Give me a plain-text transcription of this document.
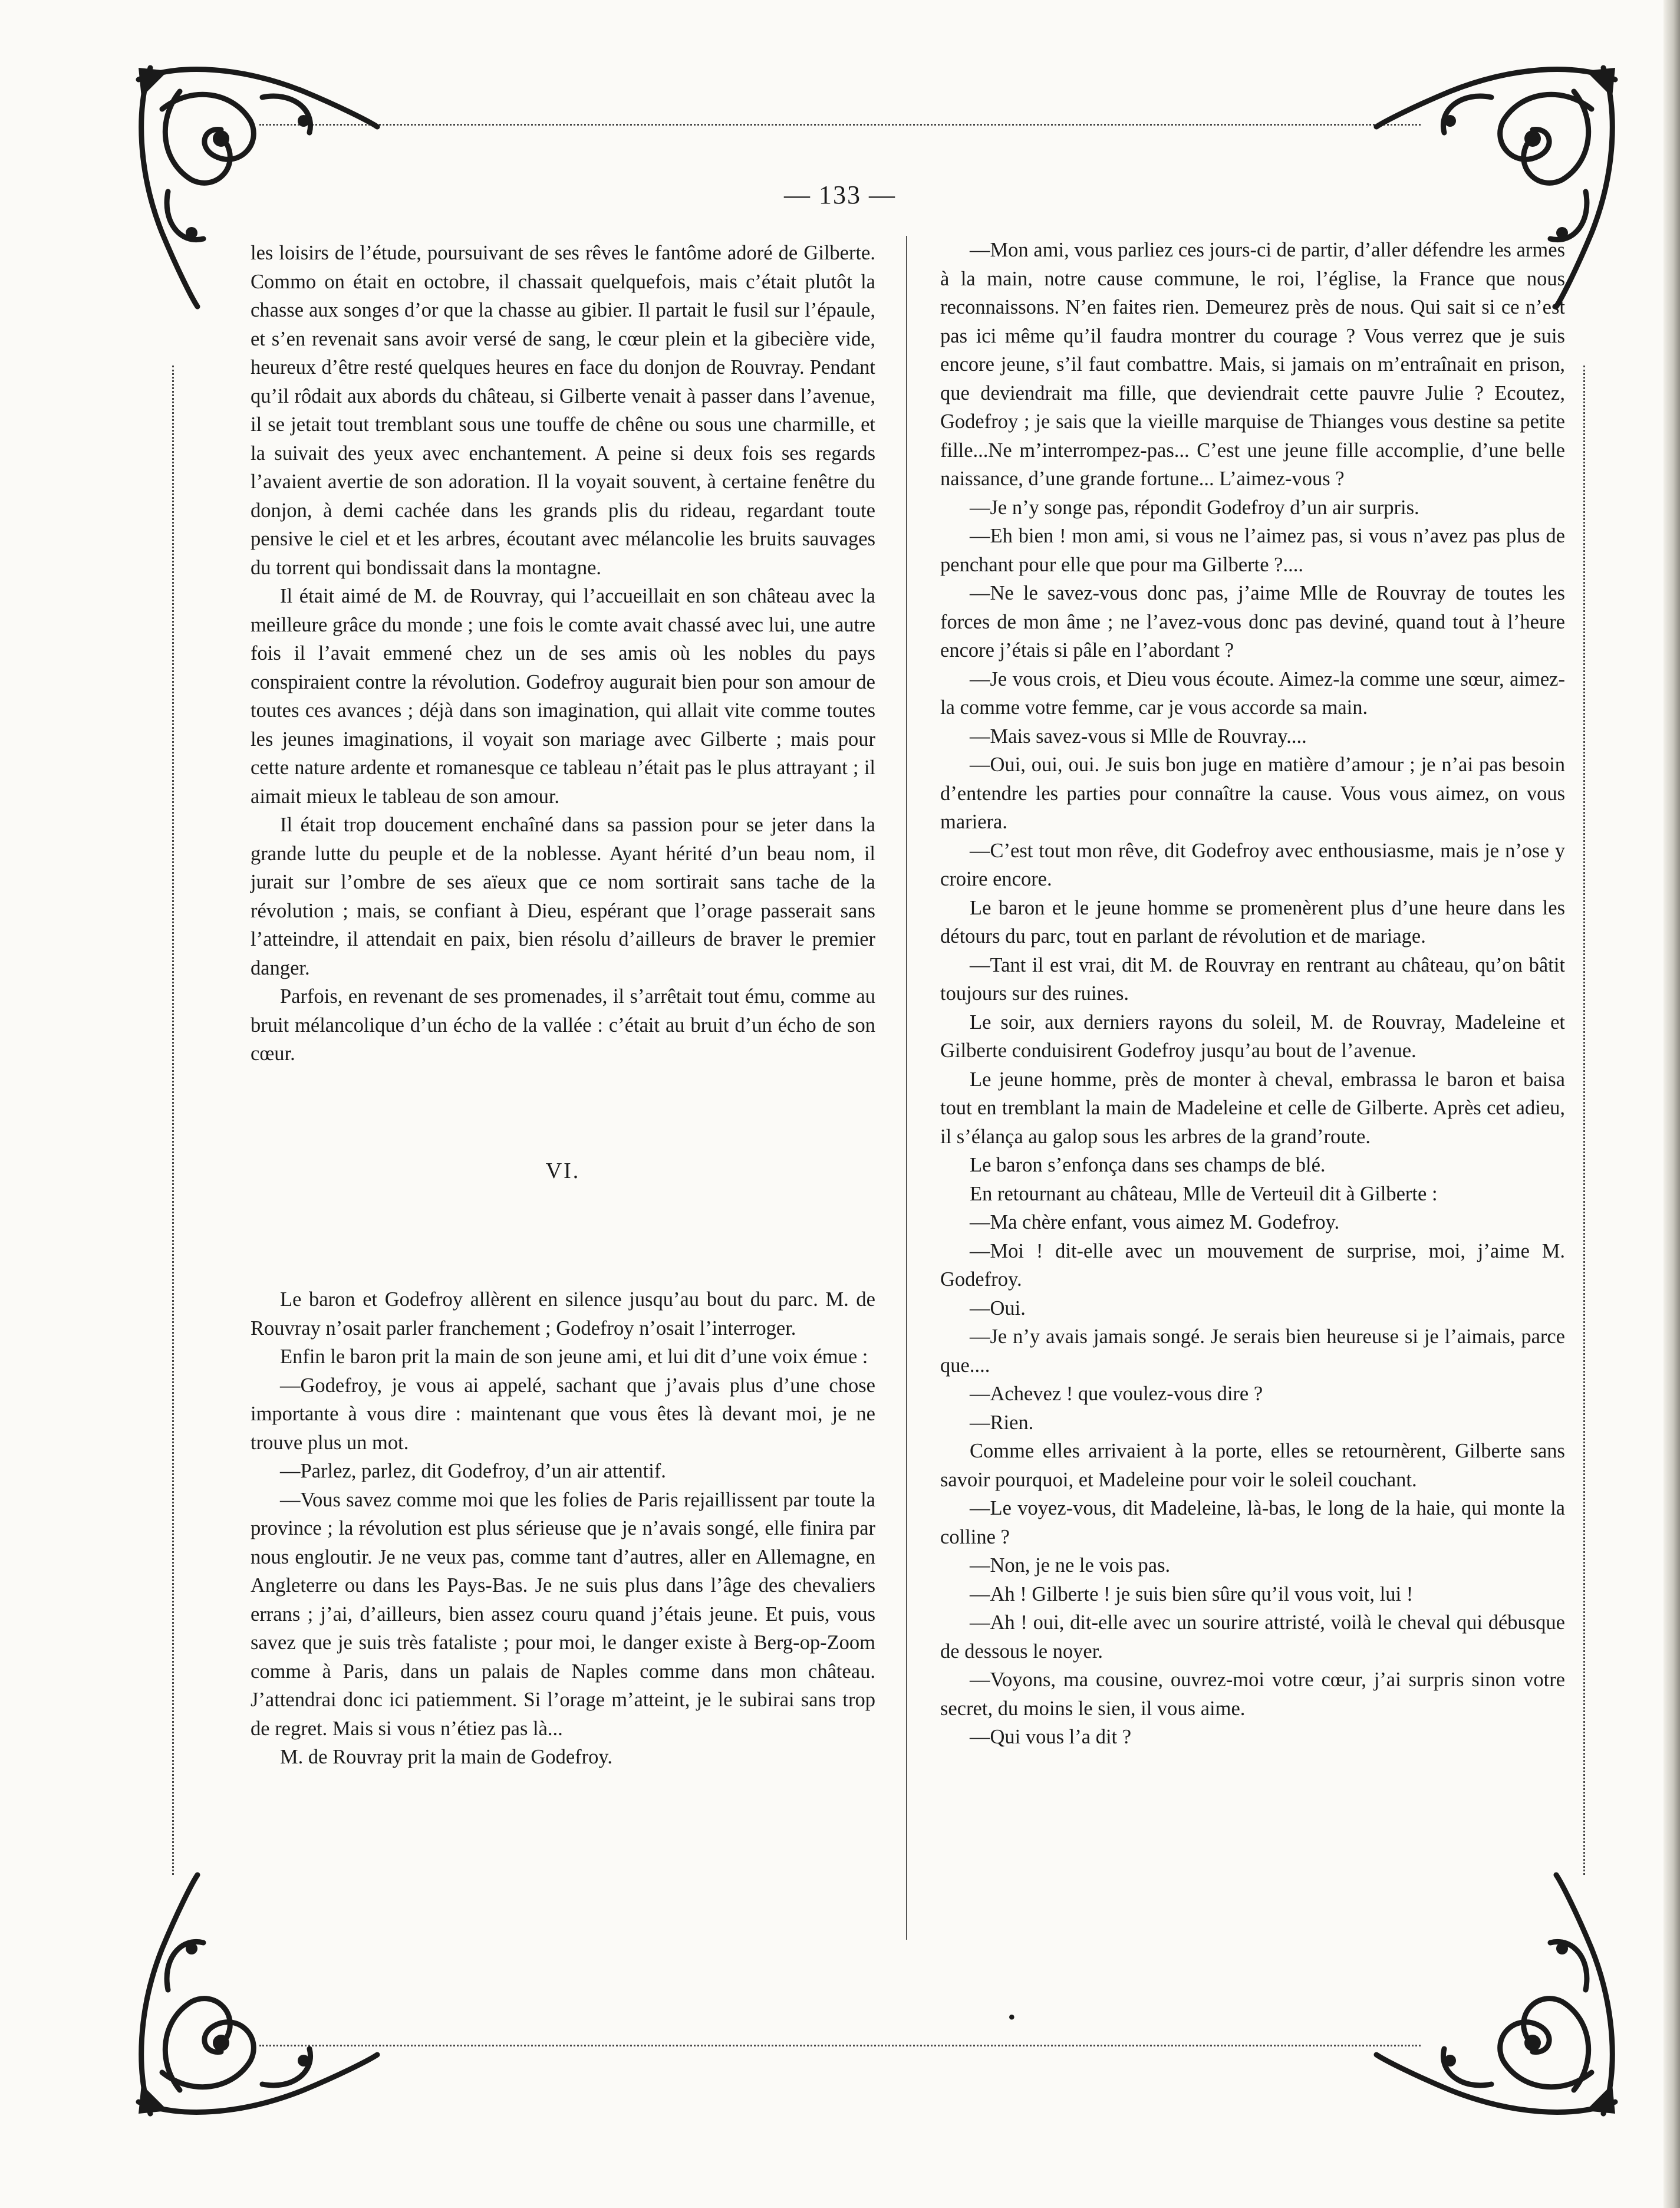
— 133 —

les loisirs de l’étude, poursuivant de ses rêves le fantôme adoré de Gilberte. Commo on était en octobre, il chassait quelquefois, mais c’était plutôt la chasse aux songes d’or que la chasse au gibier. Il partait le fusil sur l’épaule, et s’en revenait sans avoir versé de sang, le cœur plein et la gibecière vide, heureux d’être resté quelques heures en face du donjon de Rouvray. Pendant qu’il rôdait aux abords du château, si Gilberte venait à passer dans l’avenue, il se jetait tout tremblant sous une touffe de chêne ou sous une charmille, et la suivait des yeux avec enchantement. A peine si deux fois ses regards l’avaient avertie de son adoration. Il la voyait souvent, à certaine fenêtre du donjon, à demi cachée dans les grands plis du rideau, regardant toute pensive le ciel et et les arbres, écoutant avec mélancolie les bruits sauvages du torrent qui bondissait dans la montagne.

Il était aimé de M. de Rouvray, qui l’accueillait en son château avec la meilleure grâce du monde ; une fois le comte avait chassé avec lui, une autre fois il l’avait emmené chez un de ses amis où les nobles du pays conspiraient contre la révolution. Godefroy augurait bien pour son amour de toutes ces avances ; déjà dans son imagination, qui allait vite comme toutes les jeunes imaginations, il voyait son mariage avec Gilberte ; mais pour cette nature ardente et romanesque ce tableau n’était pas le plus attrayant ; il aimait mieux le tableau de son amour.

Il était trop doucement enchaîné dans sa passion pour se jeter dans la grande lutte du peuple et de la noblesse. Ayant hérité d’un beau nom, il jurait sur l’ombre de ses aïeux que ce nom sortirait sans tache de la révolution ; mais, se confiant à Dieu, espérant que l’orage passerait sans l’atteindre, il attendait en paix, bien résolu d’ailleurs de braver le premier danger.

Parfois, en revenant de ses promenades, il s’arrêtait tout ému, comme au bruit mélancolique d’un écho de la vallée : c’était au bruit d’un écho de son cœur.

VI.

Le baron et Godefroy allèrent en silence jusqu’au bout du parc. M. de Rouvray n’osait parler franchement ; Godefroy n’osait l’interroger.

Enfin le baron prit la main de son jeune ami, et lui dit d’une voix émue :

—Godefroy, je vous ai appelé, sachant que j’avais plus d’une chose importante à vous dire : maintenant que vous êtes là devant moi, je ne trouve plus un mot.

—Parlez, parlez, dit Godefroy, d’un air attentif.

—Vous savez comme moi que les folies de Paris rejaillissent par toute la province ; la révolution est plus sérieuse que je n’avais songé, elle finira par nous engloutir. Je ne veux pas, comme tant d’autres, aller en Allemagne, en Angleterre ou dans les Pays-Bas. Je ne suis plus dans l’âge des chevaliers errans ; j’ai, d’ailleurs, bien assez couru quand j’étais jeune. Et puis, vous savez que je suis très fataliste ; pour moi, le danger existe à Berg-op-Zoom comme à Paris, dans un palais de Naples comme dans mon château. J’attendrai donc ici patiemment. Si l’orage m’atteint, je le subirai sans trop de regret. Mais si vous n’étiez pas là...

M. de Rouvray prit la main de Godefroy.

—Mon ami, vous parliez ces jours-ci de partir, d’aller défendre les armes à la main, notre cause commune, le roi, l’église, la France que nous reconnaissons. N’en faites rien. Demeurez près de nous. Qui sait si ce n’est pas ici même qu’il faudra montrer du courage ? Vous verrez que je suis encore jeune, s’il faut combattre. Mais, si jamais on m’entraînait en prison, que deviendrait ma fille, que deviendrait cette pauvre Julie ? Ecoutez, Godefroy ; je sais que la vieille marquise de Thianges vous destine sa petite fille...Ne m’interrompez-pas... C’est une jeune fille accomplie, d’une belle naissance, d’une grande fortune... L’aimez-vous ?

—Je n’y songe pas, répondit Godefroy d’un air surpris.

—Eh bien ! mon ami, si vous ne l’aimez pas, si vous n’avez pas plus de penchant pour elle que pour ma Gilberte ?....

—Ne le savez-vous donc pas, j’aime Mlle de Rouvray de toutes les forces de mon âme ; ne l’avez-vous donc pas deviné, quand tout à l’heure encore j’étais si pâle en l’abordant ?

—Je vous crois, et Dieu vous écoute. Aimez-la comme une sœur, aimez-la comme votre femme, car je vous accorde sa main.

—Mais savez-vous si Mlle de Rouvray....

—Oui, oui, oui. Je suis bon juge en matière d’amour ; je n’ai pas besoin d’entendre les parties pour connaître la cause. Vous vous aimez, on vous mariera.

—C’est tout mon rêve, dit Godefroy avec enthousiasme, mais je n’ose y croire encore.

Le baron et le jeune homme se promenèrent plus d’une heure dans les détours du parc, tout en parlant de révolution et de mariage.

—Tant il est vrai, dit M. de Rouvray en rentrant au château, qu’on bâtit toujours sur des ruines.

Le soir, aux derniers rayons du soleil, M. de Rouvray, Madeleine et Gilberte conduisirent Godefroy jusqu’au bout de l’avenue.

Le jeune homme, près de monter à cheval, embrassa le baron et baisa tout en tremblant la main de Madeleine et celle de Gilberte. Après cet adieu, il s’élança au galop sous les arbres de la grand’route.

Le baron s’enfonça dans ses champs de blé.

En retournant au château, Mlle de Verteuil dit à Gilberte :

—Ma chère enfant, vous aimez M. Godefroy.

—Moi ! dit-elle avec un mouvement de surprise, moi, j’aime M. Godefroy.

—Oui.

—Je n’y avais jamais songé. Je serais bien heureuse si je l’aimais, parce que....

—Achevez ! que voulez-vous dire ?

—Rien.

Comme elles arrivaient à la porte, elles se retournèrent, Gilberte sans savoir pourquoi, et Madeleine pour voir le soleil couchant.

—Le voyez-vous, dit Madeleine, là-bas, le long de la haie, qui monte la colline ?

—Non, je ne le vois pas.

—Ah ! Gilberte ! je suis bien sûre qu’il vous voit, lui !

—Ah ! oui, dit-elle avec un sourire attristé, voilà le cheval qui débusque de dessous le noyer.

—Voyons, ma cousine, ouvrez-moi votre cœur, j’ai surpris sinon votre secret, du moins le sien, il vous aime.

—Qui vous l’a dit ?

•
